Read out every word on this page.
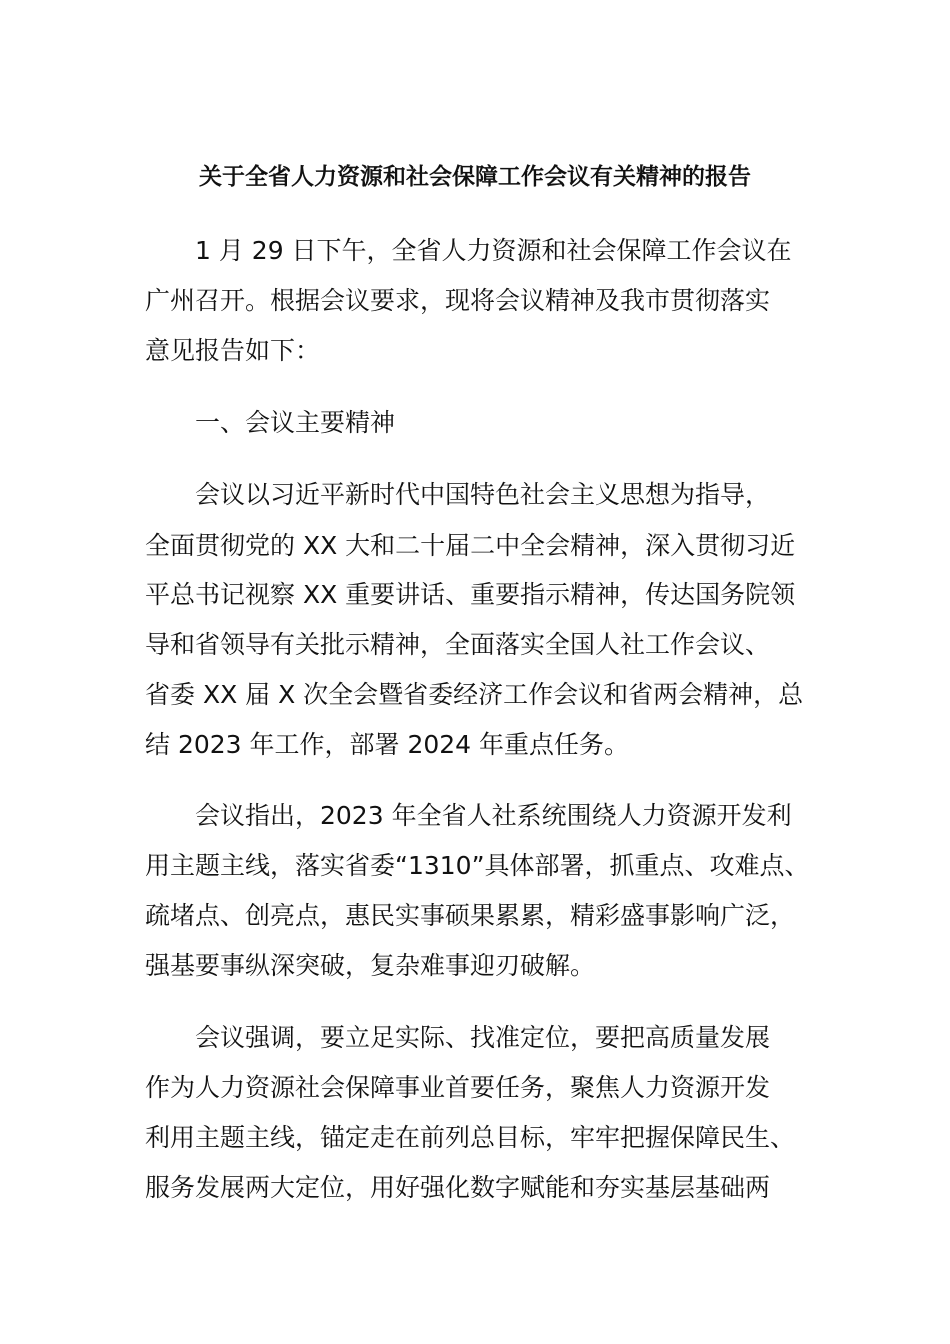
关于全省人力资源和社会保障工作会议有关精神的报告
1 月 29 日下午，全省人力资源和社会保障工作会议在
广州召开。根据会议要求，现将会议精神及我市贯彻落实
意见报告如下：
一、会议主要精神
会议以习近平新时代中国特色社会主义思想为指导，
全面贯彻党的 XX 大和二十届二中全会精神，深入贯彻习近
平总书记视察 XX 重要讲话、重要指示精神，传达国务院领
导和省领导有关批示精神，全面落实全国人社工作会议、
省委 XX 届 X 次全会暨省委经济工作会议和省两会精神，总
结 2023 年工作，部署 2024 年重点任务。
会议指出，2023 年全省人社系统围绕人力资源开发利
用主题主线，落实省委“1310”具体部署，抓重点、攻难点、
疏堵点、创亮点，惠民实事硕果累累，精彩盛事影响广泛，
强基要事纵深突破，复杂难事迎刃破解。
会议强调，要立足实际、找准定位，要把高质量发展
作为人力资源社会保障事业首要任务，聚焦人力资源开发
利用主题主线，锚定走在前列总目标，牢牢把握保障民生、
服务发展两大定位，用好强化数字赋能和夯实基层基础两
